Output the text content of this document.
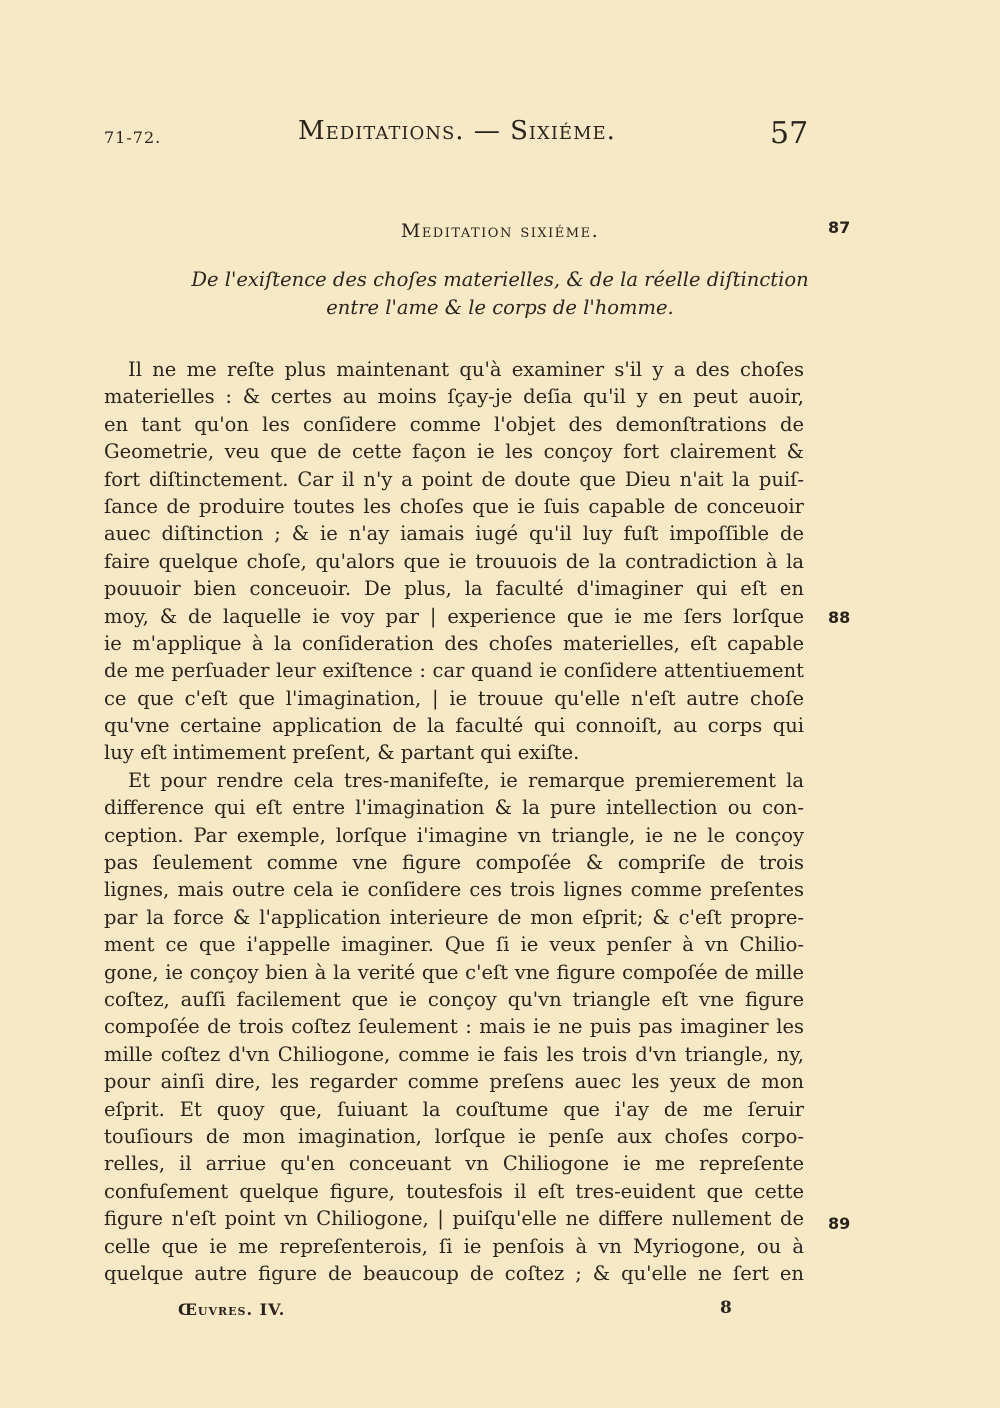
71-72.	Meditations. — Sixiéme.	57
Meditation sixiéme.	87
De l'exiſtence des choſes materielles, & de la réelle diſtinction
entre l'ame & le corps de l'homme.
Il ne me reſte plus maintenant qu'à examiner s'il y a des choſes
materielles : & certes au moins ſçay-je deſia qu'il y en peut auoir,
en tant qu'on les conſidere comme l'objet des demonſtrations de
Geometrie, veu que de cette façon ie les conçoy fort clairement &
fort diſtinctement. Car il n'y a point de doute que Dieu n'ait la puiſ-
ſance de produire toutes les choſes que ie ſuis capable de conceuoir
auec diſtinction ; & ie n'ay iamais iugé qu'il luy fuſt impoſſible de
faire quelque choſe, qu'alors que ie trouuois de la contradiction à la
pouuoir bien conceuoir. De plus, la faculté d'imaginer qui eſt en
moy, & de laquelle ie voy par | experience que ie me ſers lorſque
ie m'applique à la conſideration des choſes materielles, eſt capable
de me perſuader leur exiſtence : car quand ie conſidere attentiuement
ce que c'eſt que l'imagination, | ie trouue qu'elle n'eſt autre choſe
qu'vne certaine application de la faculté qui connoiſt, au corps qui
luy eſt intimement preſent, & partant qui exiſte.
Et pour rendre cela tres-manifeſte, ie remarque premierement la
difference qui eſt entre l'imagination & la pure intellection ou con-
ception. Par exemple, lorſque i'imagine vn triangle, ie ne le conçoy
pas ſeulement comme vne figure compoſée & compriſe de trois
lignes, mais outre cela ie conſidere ces trois lignes comme preſentes
par la force & l'application interieure de mon eſprit; & c'eſt propre-
ment ce que i'appelle imaginer. Que ſi ie veux penſer à vn Chilio-
gone, ie conçoy bien à la verité que c'eſt vne figure compoſée de mille
coſtez, auſſi facilement que ie conçoy qu'vn triangle eſt vne figure
compoſée de trois coſtez ſeulement : mais ie ne puis pas imaginer les
mille coſtez d'vn Chiliogone, comme ie fais les trois d'vn triangle, ny,
pour ainſi dire, les regarder comme preſens auec les yeux de mon
eſprit. Et quoy que, ſuiuant la couſtume que i'ay de me ſeruir
touſiours de mon imagination, lorſque ie penſe aux choſes corpo-
relles, il arriue qu'en conceuant vn Chiliogone ie me repreſente
confuſement quelque figure, toutesfois il eſt tres-euident que cette
figure n'eſt point vn Chiliogone, | puiſqu'elle ne differe nullement de
celle que ie me repreſenterois, ſi ie penſois à vn Myriogone, ou à
quelque autre figure de beaucoup de coſtez ; & qu'elle ne ſert en
88
89
Œuvres. IV.	8
